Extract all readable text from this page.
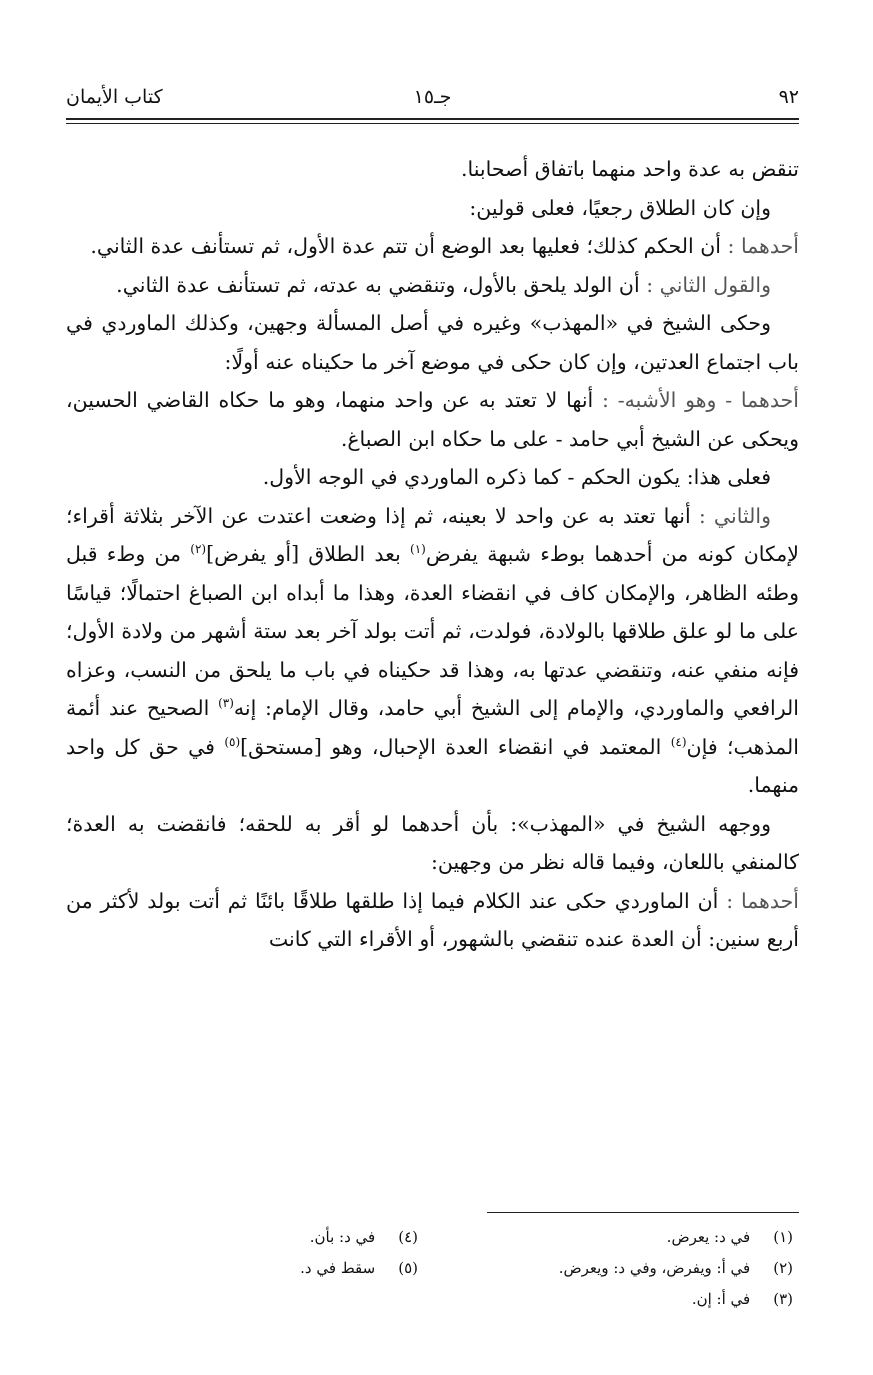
٩٢
جـ١٥
كتاب الأيمان

تنقض به عدة واحد منهما باتفاق أصحابنا.

وإن كان الطلاق رجعيًا، فعلى قولين:

أحدهما : أن الحكم كذلك؛ فعليها بعد الوضع أن تتم عدة الأول، ثم تستأنف عدة الثاني.

والقول الثاني : أن الولد يلحق بالأول، وتنقضي به عدته، ثم تستأنف عدة الثاني.

وحكى الشيخ في «المهذب» وغيره في أصل المسألة وجهين، وكذلك الماوردي في باب اجتماع العدتين، وإن كان حكى في موضع آخر ما حكيناه عنه أولًا:

أحدهما - وهو الأشبه- : أنها لا تعتد به عن واحد منهما، وهو ما حكاه القاضي الحسين، ويحكى عن الشيخ أبي حامد - على ما حكاه ابن الصباغ.

فعلى هذا: يكون الحكم - كما ذكره الماوردي في الوجه الأول.

والثاني : أنها تعتد به عن واحد لا بعينه، ثم إذا وضعت اعتدت عن الآخر بثلاثة أقراء؛ لإمكان كونه من أحدهما بوطء شبهة يفرض$^{(١)}$ بعد الطلاق [أو يفرض]$^{(٢)}$ من وطء قبل وطئه الظاهر، والإمكان كاف في انقضاء العدة، وهذا ما أبداه ابن الصباغ احتمالًا؛ قياسًا على ما لو علق طلاقها بالولادة، فولدت، ثم أتت بولد آخر بعد ستة أشهر من ولادة الأول؛ فإنه منفي عنه، وتنقضي عدتها به، وهذا قد حكيناه في باب ما يلحق من النسب، وعزاه الرافعي والماوردي، والإمام إلى الشيخ أبي حامد، وقال الإمام: إنه$^{(٣)}$ الصحيح عند أئمة المذهب؛ فإن$^{(٤)}$ المعتمد في انقضاء العدة الإحبال، وهو [مستحق]$^{(٥)}$ في حق كل واحد منهما.

ووجهه الشيخ في «المهذب»: بأن أحدهما لو أقر به للحقه؛ فانقضت به العدة؛ كالمنفي باللعان، وفيما قاله نظر من وجهين:

أحدهما : أن الماوردي حكى عند الكلام فيما إذا طلقها طلاقًا بائنًا ثم أتت بولد لأكثر من أربع سنين: أن العدة عنده تنقضي بالشهور، أو الأقراء التي كانت

(١) في د: يعرض.
(٢) في أ: ويفرض، وفي د: ويعرض.
(٣) في أ: إن.
(٤) في د: بأن.
(٥) سقط في د.
